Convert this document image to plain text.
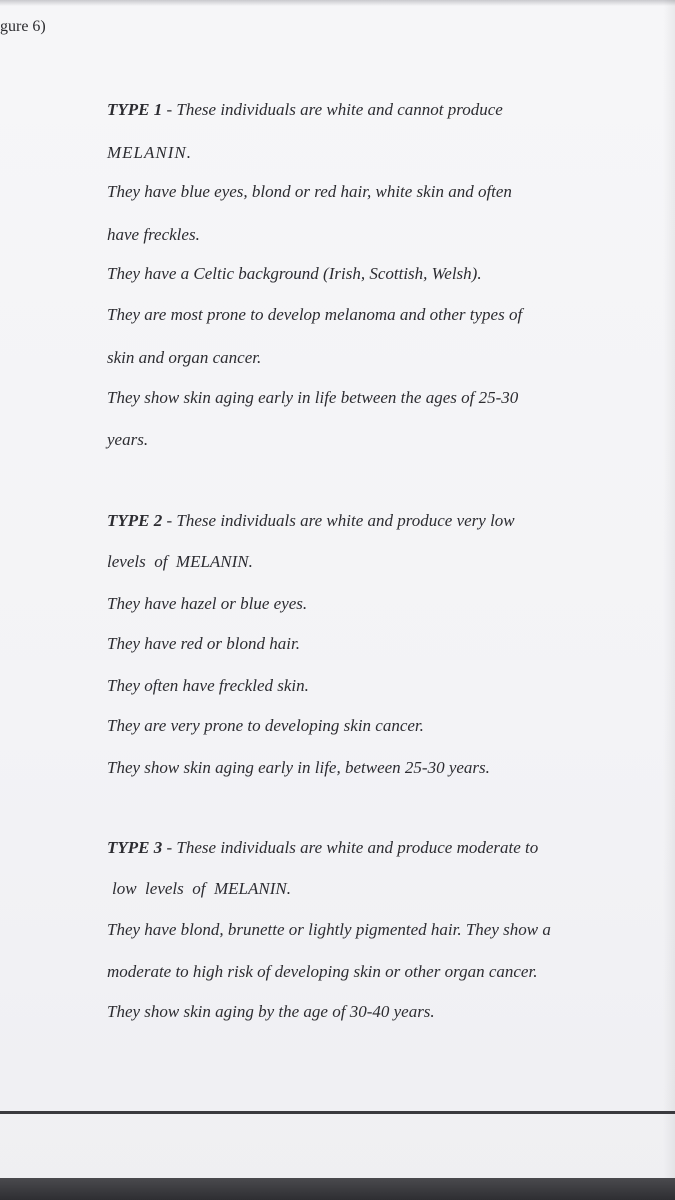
gure 6)
TYPE 1 - These individuals are white and cannot produce
MELANIN.
They have blue eyes, blond or red hair, white skin and often
have freckles.
They have a Celtic background (Irish, Scottish, Welsh).
They are most prone to develop melanoma and other types of
skin and organ cancer.
They show skin aging early in life between the ages of 25-30
years.
TYPE 2 - These individuals are white and produce very low
levels  of  MELANIN.
They have hazel or blue eyes.
They have red or blond hair.
They often have freckled skin.
They are very prone to developing skin cancer.
They show skin aging early in life, between 25-30 years.
TYPE 3 - These individuals are white and produce moderate to
low  levels  of  MELANIN.
They have blond, brunette or lightly pigmented hair. They show a
moderate to high risk of developing skin or other organ cancer.
They show skin aging by the age of 30-40 years.
